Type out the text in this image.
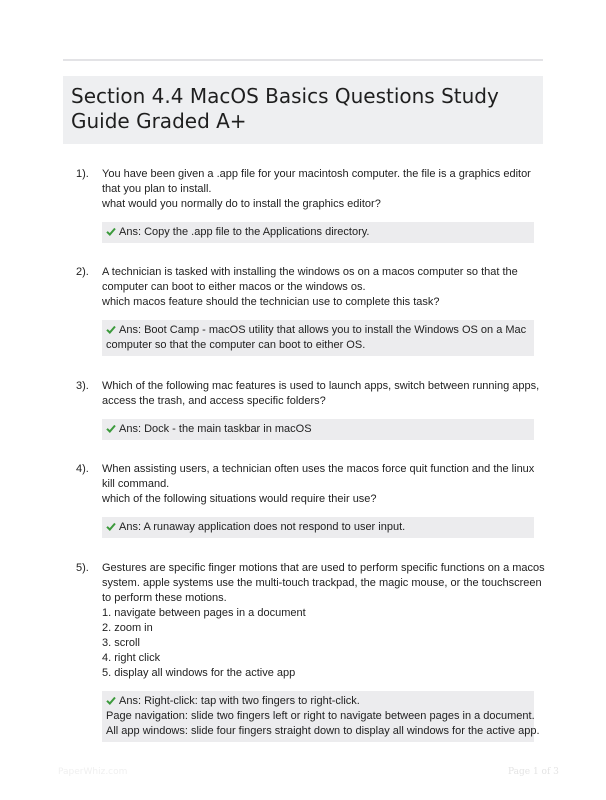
Section 4.4 MacOS Basics Questions Study
Guide Graded A+
1). You have been given a .app file for your macintosh computer. the file is a graphics editor
that you plan to install.
what would you normally do to install the graphics editor?
Ans: Copy the .app file to the Applications directory.
2). A technician is tasked with installing the windows os on a macos computer so that the
computer can boot to either macos or the windows os.
which macos feature should the technician use to complete this task?
Ans: Boot Camp - macOS utility that allows you to install the Windows OS on a Mac
computer so that the computer can boot to either OS.
3). Which of the following mac features is used to launch apps, switch between running apps,
access the trash, and access specific folders?
Ans: Dock - the main taskbar in macOS
4). When assisting users, a technician often uses the macos force quit function and the linux
kill command.
which of the following situations would require their use?
Ans: A runaway application does not respond to user input.
5). Gestures are specific finger motions that are used to perform specific functions on a macos
system. apple systems use the multi-touch trackpad, the magic mouse, or the touchscreen
to perform these motions.
1. navigate between pages in a document
2. zoom in
3. scroll
4. right click
5. display all windows for the active app
Ans: Right-click: tap with two fingers to right-click.
Page navigation: slide two fingers left or right to navigate between pages in a document.
All app windows: slide four fingers straight down to display all windows for the active app.
PaperWhiz.com	Page 1 of 3
